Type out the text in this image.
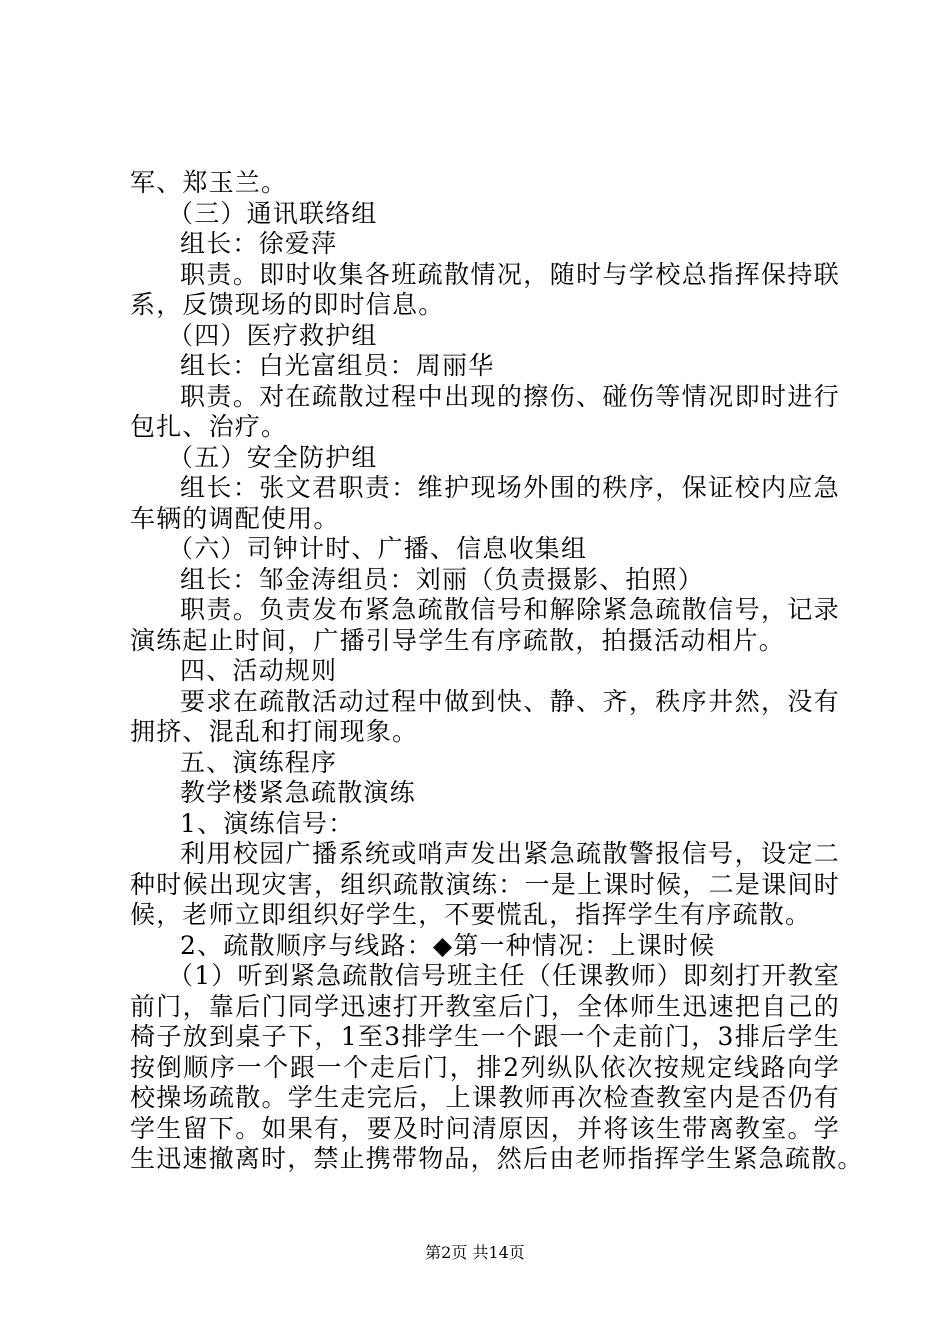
军、郑玉兰。
（三）通讯联络组
组长：徐爱萍
职责。即时收集各班疏散情况，随时与学校总指挥保持联
系，反馈现场的即时信息。
（四）医疗救护组
组长：白光富组员：周丽华
职责。对在疏散过程中出现的擦伤、碰伤等情况即时进行
包扎、治疗。
（五）安全防护组
组长：张文君职责：维护现场外围的秩序，保证校内应急
车辆的调配使用。
（六）司钟计时、广播、信息收集组
组长：邹金涛组员：刘丽（负责摄影、拍照）
职责。负责发布紧急疏散信号和解除紧急疏散信号，记录
演练起止时间，广播引导学生有序疏散，拍摄活动相片。
四、活动规则
要求在疏散活动过程中做到快、静、齐，秩序井然，没有
拥挤、混乱和打闹现象。
五、演练程序
教学楼紧急疏散演练
1、演练信号：
利用校园广播系统或哨声发出紧急疏散警报信号，设定二
种时候出现灾害，组织疏散演练：一是上课时候，二是课间时
候，老师立即组织好学生，不要慌乱，指挥学生有序疏散。
2、疏散顺序与线路：◆第一种情况：上课时候
（1）听到紧急疏散信号班主任（任课教师）即刻打开教室
前门，靠后门同学迅速打开教室后门，全体师生迅速把自己的
椅子放到桌子下，1至3排学生一个跟一个走前门，3排后学生
按倒顺序一个跟一个走后门，排2列纵队依次按规定线路向学
校操场疏散。学生走完后，上课教师再次检查教室内是否仍有
学生留下。如果有，要及时问清原因，并将该生带离教室。学
生迅速撤离时，禁止携带物品，然后由老师指挥学生紧急疏散。
第2页 共14页
